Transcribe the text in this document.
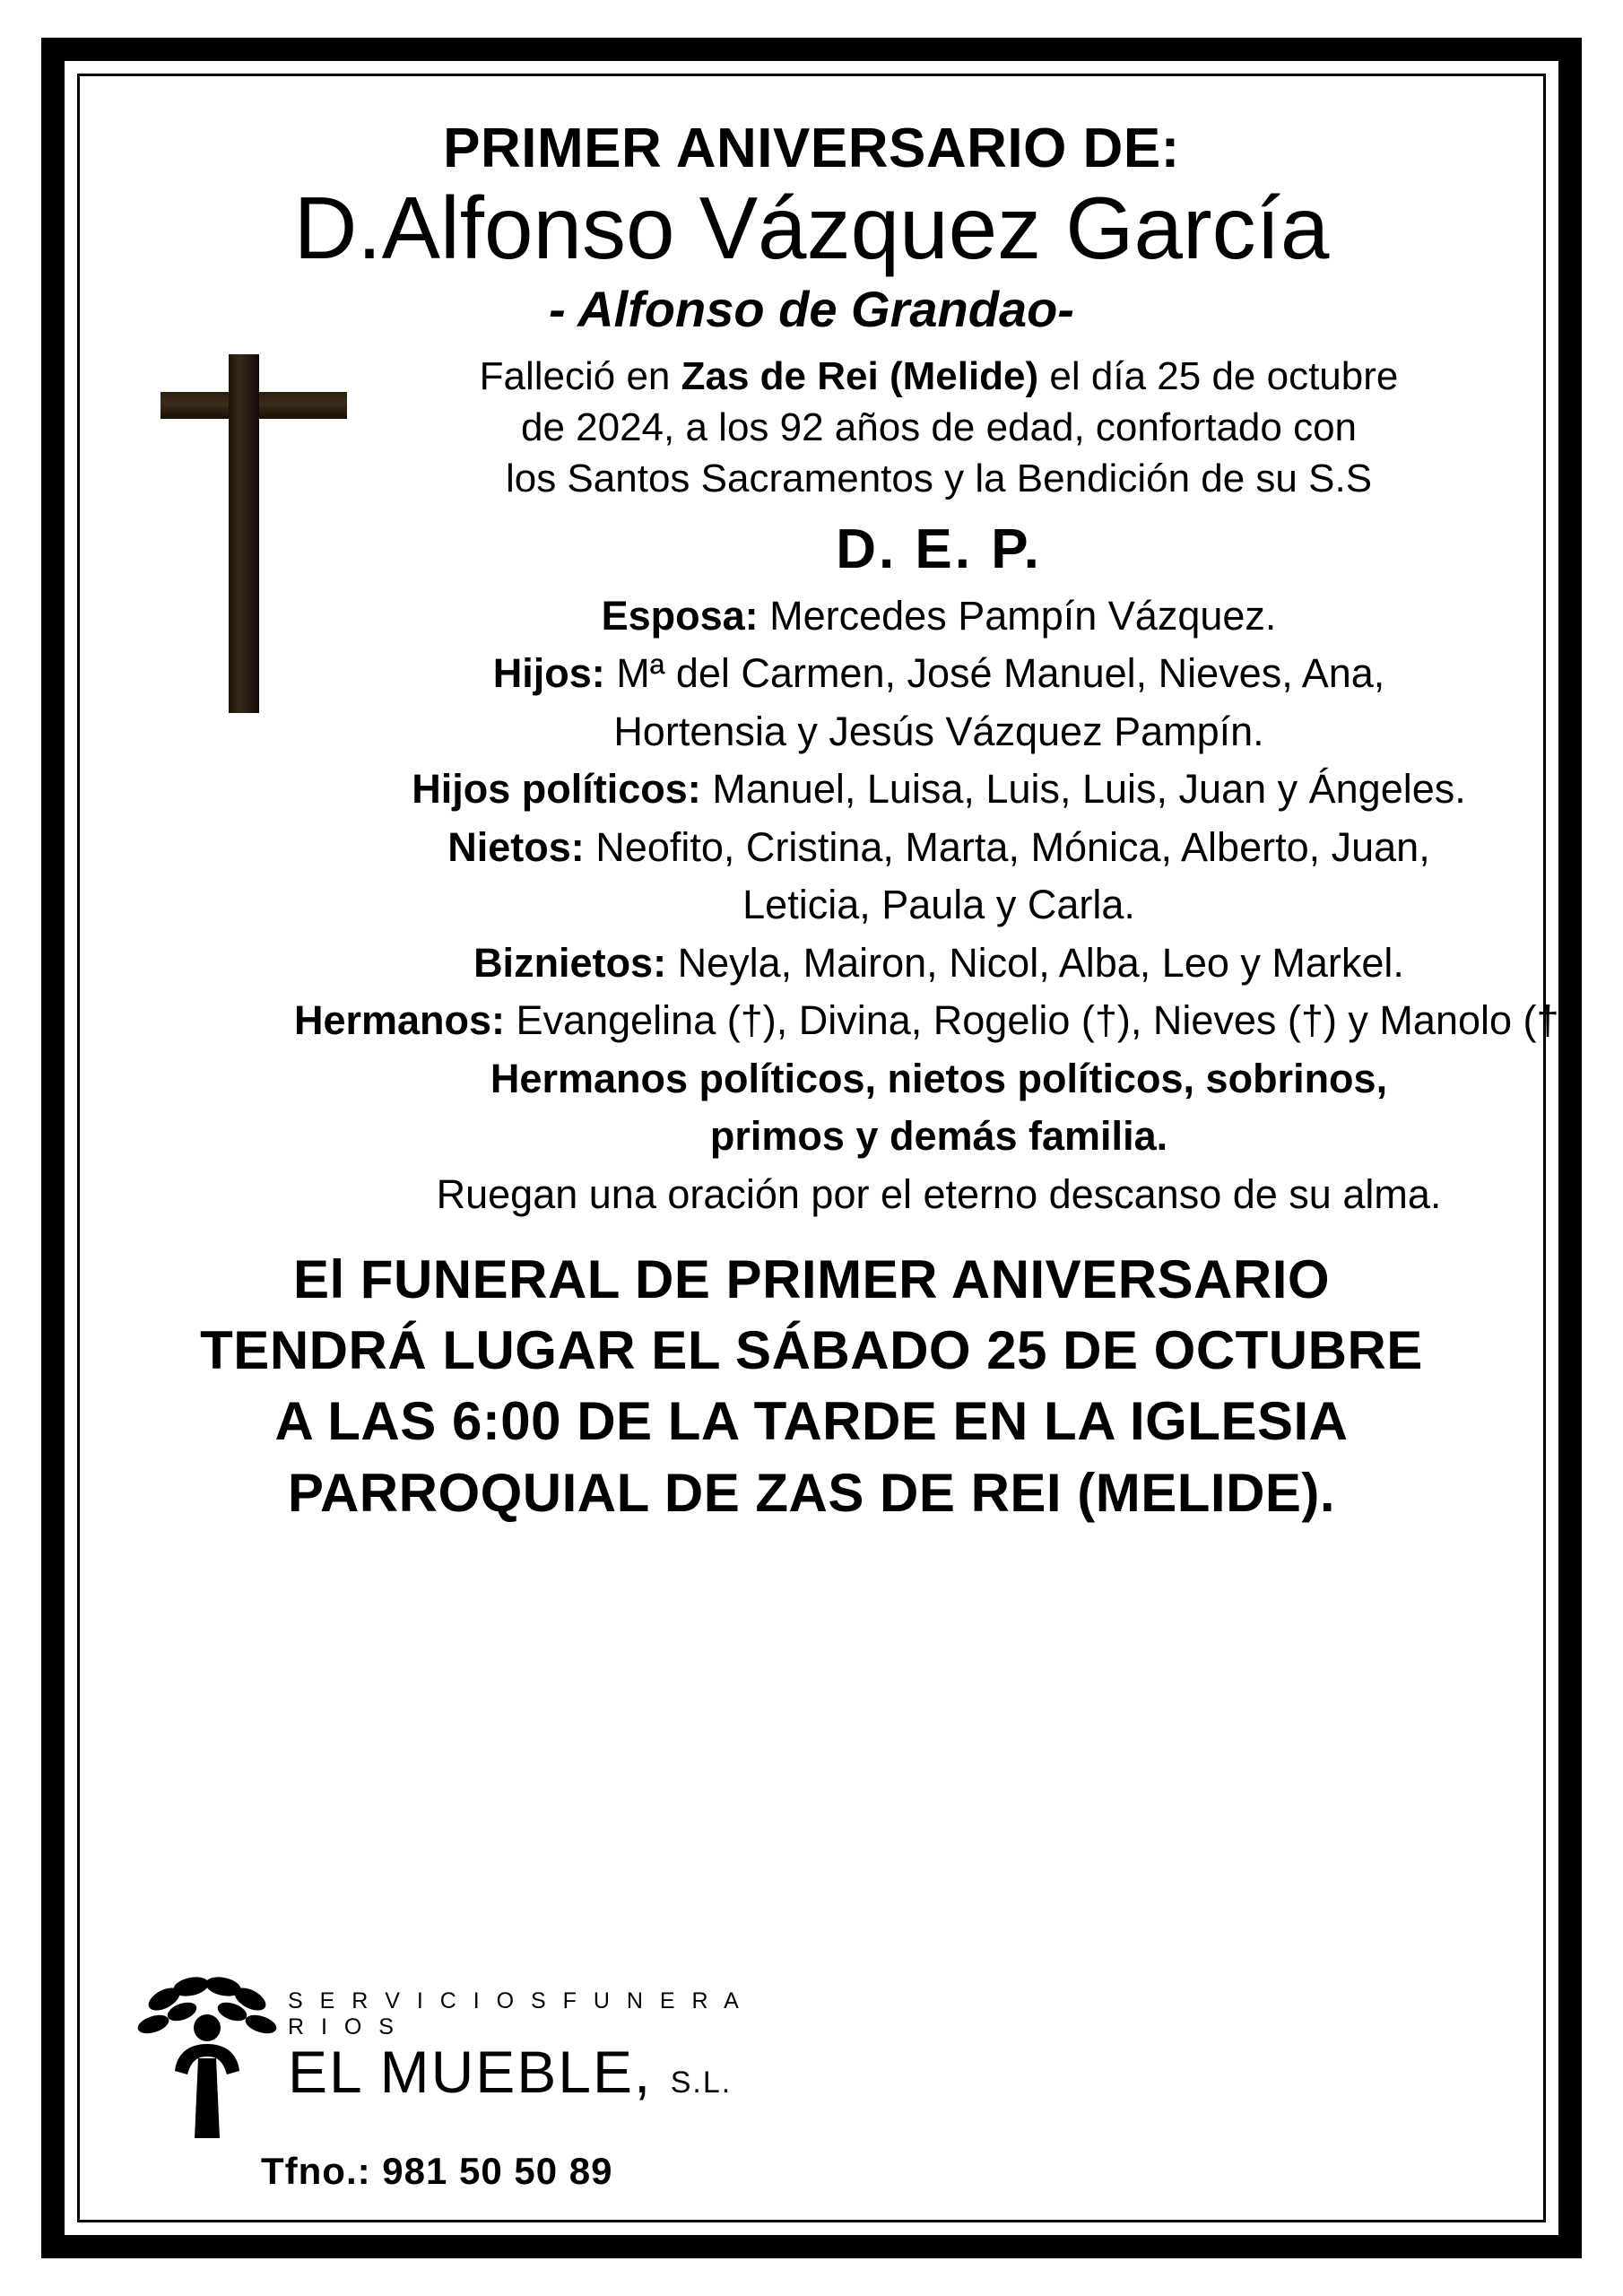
PRIMER ANIVERSARIO DE:
D.Alfonso Vázquez García
- Alfonso de Grandao-

Falleció en Zas de Rei (Melide) el día 25 de octubre
de 2024, a los 92 años de edad, confortado con
los Santos Sacramentos y la Bendición de su S.S

D. E. P.

Esposa: Mercedes Pampín Vázquez.

Hijos: Mª del Carmen, José Manuel, Nieves, Ana,

Hortensia y Jesús Vázquez Pampín.

Hijos políticos: Manuel, Luisa, Luis, Luis, Juan y Ángeles.

Nietos: Neofito, Cristina, Marta, Mónica, Alberto, Juan,

Leticia, Paula y Carla.

Biznietos: Neyla, Mairon, Nicol, Alba, Leo y Markel.

Hermanos: Evangelina (†), Divina, Rogelio (†), Nieves (†) y Manolo (†).

Hermanos políticos, nietos políticos, sobrinos,

primos y demás familia.

Ruegan una oración por el eterno descanso de su alma.

El FUNERAL DE PRIMER ANIVERSARIO
TENDRÁ LUGAR EL SÁBADO 25 DE OCTUBRE
A LAS 6:00 DE LA TARDE EN LA IGLESIA
PARROQUIAL DE ZAS DE REI (MELIDE).
S E R V I C I O S F U N E R A R I O S
EL MUEBLE, S.L.
Tfno.: 981 50 50 89
